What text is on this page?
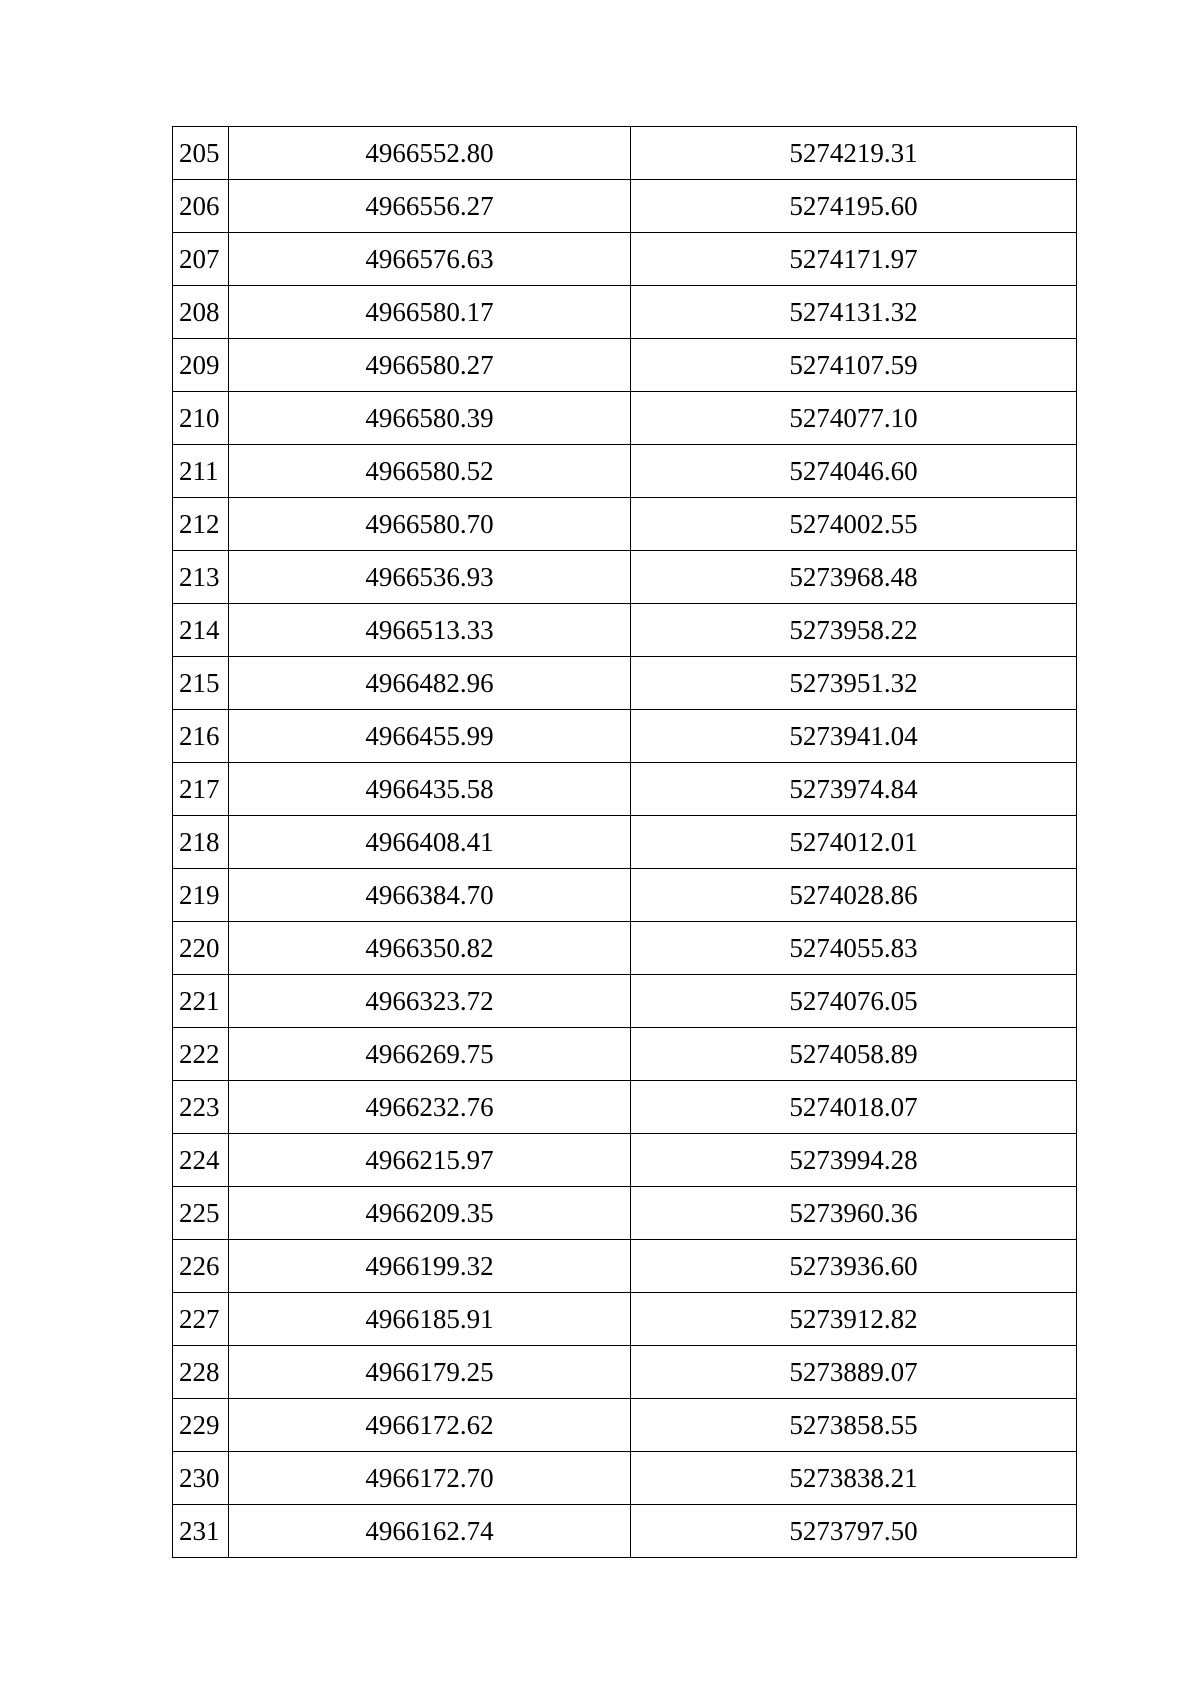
205	4966552.80	5274219.31
206	4966556.27	5274195.60
207	4966576.63	5274171.97
208	4966580.17	5274131.32
209	4966580.27	5274107.59
210	4966580.39	5274077.10
211	4966580.52	5274046.60
212	4966580.70	5274002.55
213	4966536.93	5273968.48
214	4966513.33	5273958.22
215	4966482.96	5273951.32
216	4966455.99	5273941.04
217	4966435.58	5273974.84
218	4966408.41	5274012.01
219	4966384.70	5274028.86
220	4966350.82	5274055.83
221	4966323.72	5274076.05
222	4966269.75	5274058.89
223	4966232.76	5274018.07
224	4966215.97	5273994.28
225	4966209.35	5273960.36
226	4966199.32	5273936.60
227	4966185.91	5273912.82
228	4966179.25	5273889.07
229	4966172.62	5273858.55
230	4966172.70	5273838.21
231	4966162.74	5273797.50
